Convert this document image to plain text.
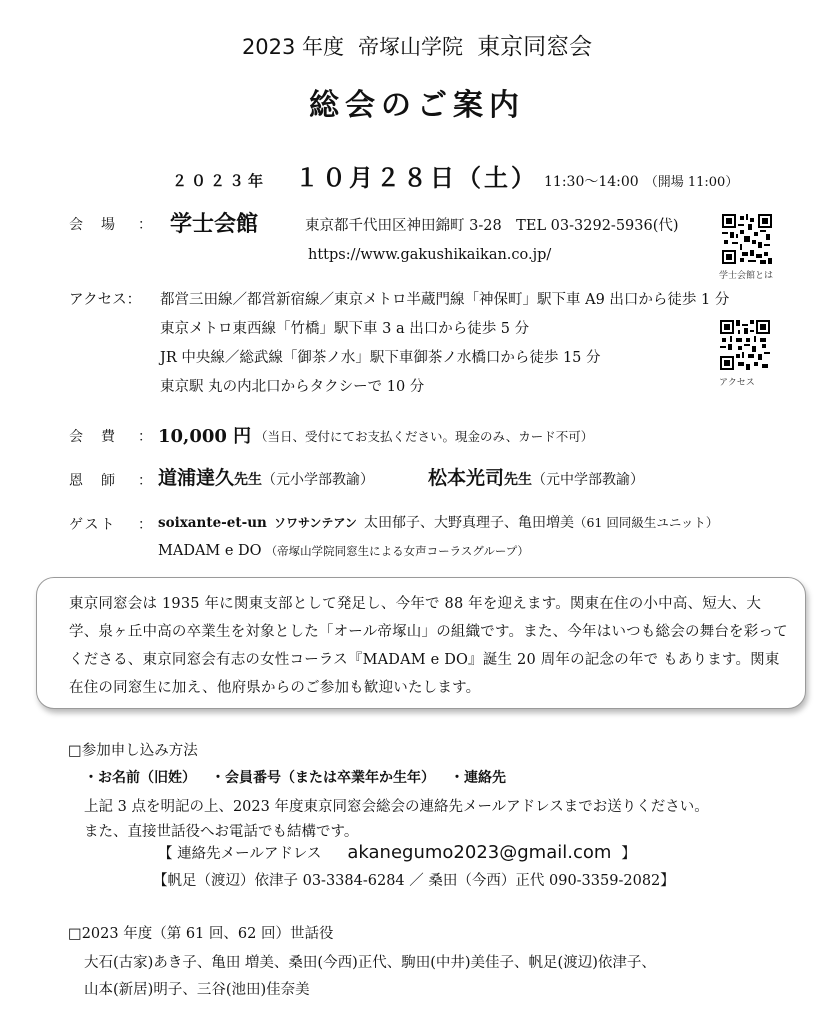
2023 年度 帝塚山学院 東京同窓会
総会のご案内
２０２３年 １０月２８日（土） 11:30〜14:00 （開場 11:00）
会　場 ： 学士会館	東京都千代田区神田錦町 3-28　TEL 03-3292-5936(代)
https://www.gakushikaikan.co.jp/
学士会館とは
アクセス： 都営三田線／都営新宿線／東京メトロ半蔵門線「神保町」駅下車 A9 出口から徒歩 1 分
東京メトロ東西線「竹橋」駅下車 3 a 出口から徒歩 5 分
JR 中央線／総武線「御茶ノ水」駅下車御茶ノ水橋口から徒歩 15 分
東京駅 丸の内北口からタクシーで 10 分	アクセス
会　費 ： 10,000 円 （当日、受付にてお支払ください。現金のみ、カード不可）
恩　師 ： 道浦達久先生（元小学部教諭）	松本光司先生（元中学部教諭）
ゲスト ： soixante-et-un ソワサンテアン 太田郁子、大野真理子、亀田増美（61 回同級生ユニット）
MADAM e DO （帝塚山学院同窓生による女声コーラスグループ）
東京同窓会は 1935 年に関東支部として発足し、今年で 88 年を迎えます。関東在住の小中高、短大、大学、泉ヶ丘中高の卒業生を対象とした「オール帝塚山」の組織です。また、今年はいつも総会の舞台を彩ってくださる、東京同窓会有志の女性コーラス『MADAM e DO』誕生 20 周年の記念の年で もあります。関東在住の同窓生に加え、他府県からのご参加も歓迎いたします。
□参加申し込み方法
・お名前（旧姓） ・会員番号（または卒業年か生年） ・連絡先
上記 3 点を明記の上、2023 年度東京同窓会総会の連絡先メールアドレスまでお送りください。
また、直接世話役へお電話でも結構です。
【 連絡先メールアドレス akanegumo2023@gmail.com 】
【帆足（渡辺）依津子 03-3384-6284 ／ 桑田（今西）正代 090-3359-2082】
□2023 年度（第 61 回、62 回）世話役
大石(古家)あき子、亀田 増美、桑田(今西)正代、駒田(中井)美佳子、帆足(渡辺)依津子、
山本(新居)明子、三谷(池田)佳奈美
